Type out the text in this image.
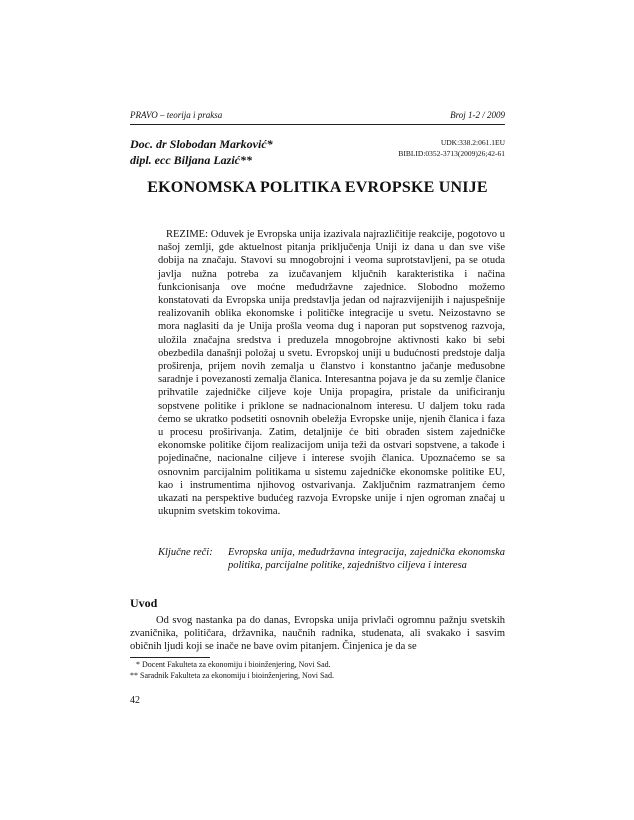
PRAVO – teorija i praksa	Broj 1-2 / 2009
Doc. dr Slobodan Marković*
dipl. ecc Biljana Lazić**
UDK:338.2:061.1EU
BIBLID:0352-3713(2009)26;42-61
EKONOMSKA POLITIKA EVROPSKE UNIJE
REZIME: Oduvek je Evropska unija izazivala najrazličitije reakcije, pogotovo u našoj zemlji, gde aktuelnost pitanja priključenja Uniji iz dana u dan sve više dobija na značaju. Stavovi su mnogobrojni i veoma suprotstavljeni, pa se otuda javlja nužna potreba za izučavanjem ključnih karakteristika i načina funkcionisanja ove moćne međudržavne zajednice. Slobodno možemo konstatovati da Evropska unija predstavlja jedan od najrazvijenijih i najuspešnije realizovanih oblika ekonomske i političke integracije u svetu. Neizostavno se mora naglasiti da je Unija prošla veoma dug i naporan put sopstvenog razvoja, uložila značajna sredstva i preduzela mnogobrojne aktivnosti kako bi sebi obezbedila današnji položaj u svetu. Evropskoj uniji u budućnosti predstoje dalja proširenja, prijem novih zemalja u članstvo i konstantno jačanje međusobne saradnje i povezanosti zemalja članica. Interesantna pojava je da su zemlje članice prihvatile zajedničke ciljeve koje Unija propagira, pristale da unificiranju sopstvene politike i priklone se nadnacionalnom interesu. U daljem toku rada ćemo se ukratko podsetiti osnovnih obeležja Evropske unije, njenih članica i faza u procesu proširivanja. Zatim, detaljnije će biti obrađen sistem zajedničke ekonomske politike čijom realizacijom unija teži da ostvari sopstvene, a takođe i pojedinačne, nacionalne ciljeve i interese svojih članica. Upoznaćemo se sa osnovnim parcijalnim politikama u sistemu zajedničke ekonomske politike EU, kao i instrumentima njihovog ostvarivanja. Zaključnim razmatranjem ćemo ukazati na perspektive budućeg razvoja Evropske unije i njen ogroman značaj u ukupnim svetskim tokovima.
Ključne reči: Evropska unija, međudržavna integracija, zajednička ekonomska politika, parcijalne politike, zajedništvo ciljeva i interesa
Uvod
Od svog nastanka pa do danas, Evropska unija privlači ogromnu pažnju svetskih zvaničnika, političara, državnika, naučnih radnika, studenata, ali svakako i sasvim običnih ljudi koji se inače ne bave ovim pitanjem. Činjenica je da se
* Docent Fakulteta za ekonomiju i bioinženjering, Novi Sad.
** Saradnik Fakulteta za ekonomiju i bioinženjering, Novi Sad.
42
